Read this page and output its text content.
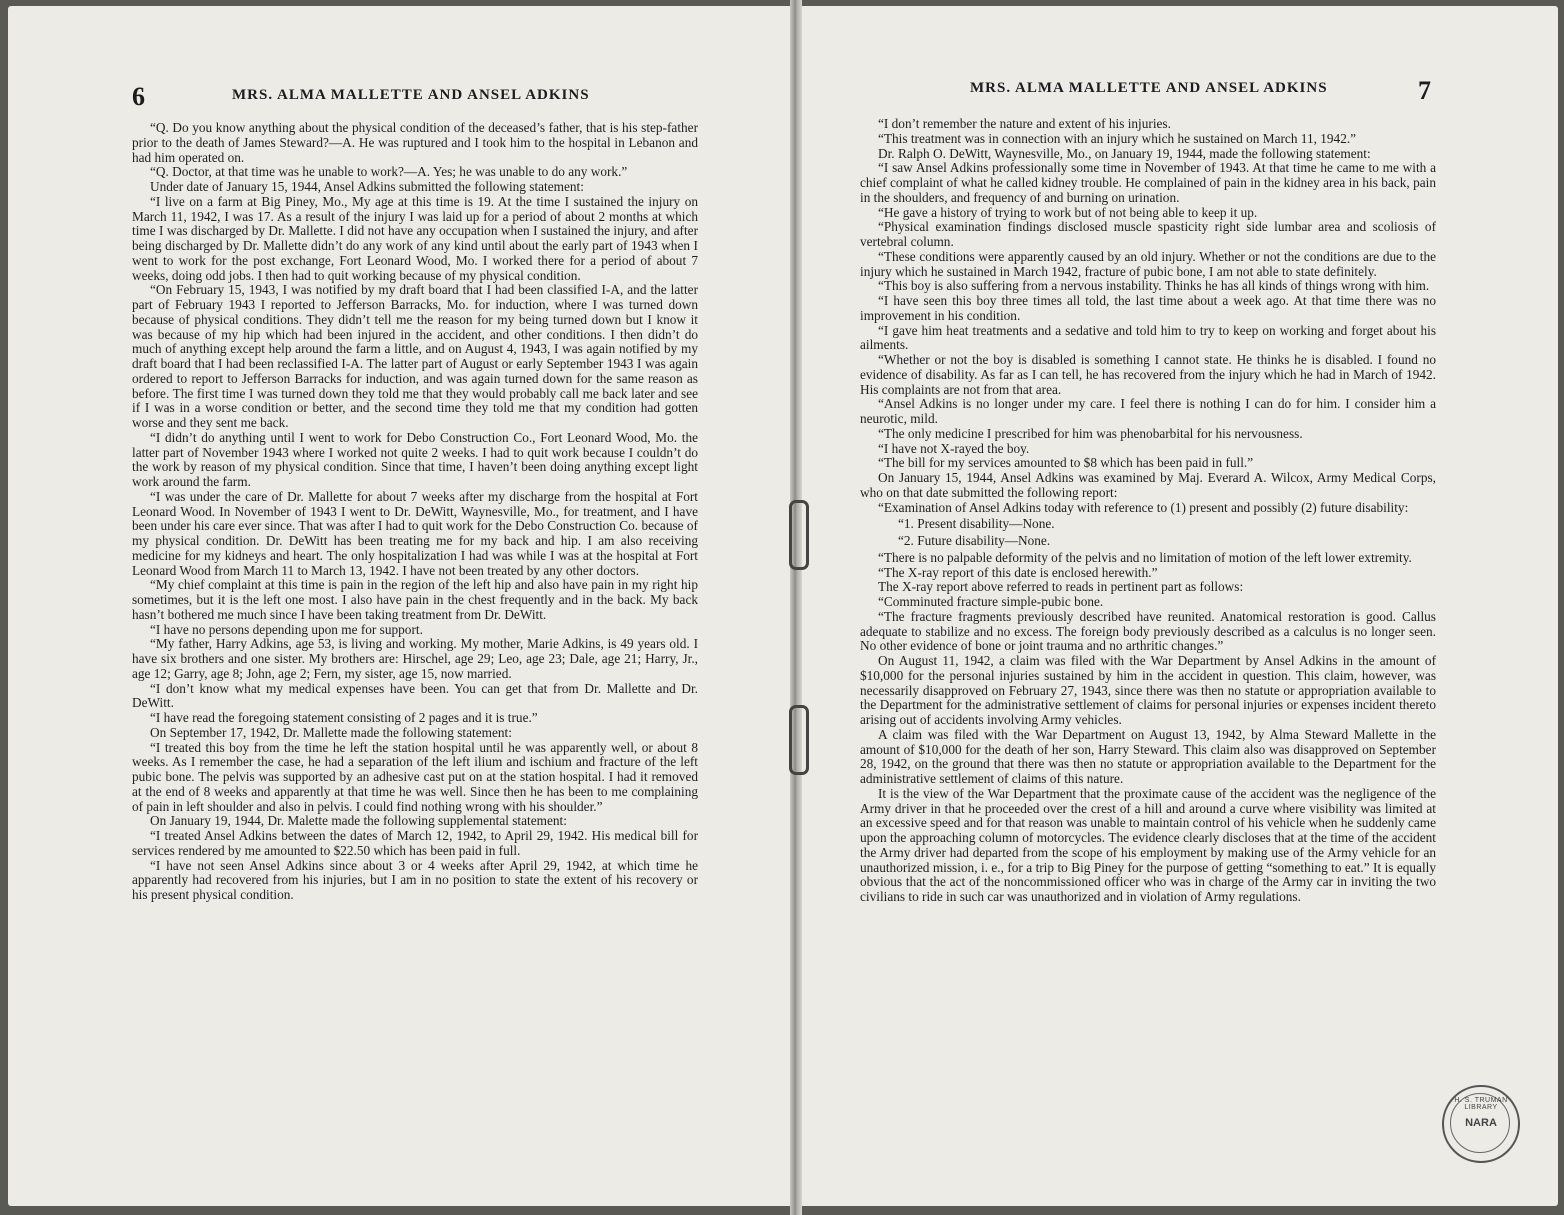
6	MRS. ALMA MALLETTE AND ANSEL ADKINS

“Q. Do you know anything about the physical condition of the deceased’s father, that is his step-father prior to the death of James Steward?—A. He was ruptured and I took him to the hospital in Lebanon and had him operated on.

“Q. Doctor, at that time was he unable to work?—A. Yes; he was unable to do any work.”

Under date of January 15, 1944, Ansel Adkins submitted the following statement:

“I live on a farm at Big Piney, Mo., My age at this time is 19. At the time I sustained the injury on March 11, 1942, I was 17. As a result of the injury I was laid up for a period of about 2 months at which time I was discharged by Dr. Mallette. I did not have any occupation when I sustained the injury, and after being discharged by Dr. Mallette didn’t do any work of any kind until about the early part of 1943 when I went to work for the post exchange, Fort Leonard Wood, Mo. I worked there for a period of about 7 weeks, doing odd jobs. I then had to quit working because of my physical condition.

“On February 15, 1943, I was notified by my draft board that I had been classified I-A, and the latter part of February 1943 I reported to Jefferson Barracks, Mo. for induction, where I was turned down because of physical conditions. They didn’t tell me the reason for my being turned down but I know it was because of my hip which had been injured in the accident, and other conditions. I then didn’t do much of anything except help around the farm a little, and on August 4, 1943, I was again notified by my draft board that I had been reclassified I-A. The latter part of August or early September 1943 I was again ordered to report to Jefferson Barracks for induction, and was again turned down for the same reason as before. The first time I was turned down they told me that they would probably call me back later and see if I was in a worse condition or better, and the second time they told me that my condition had gotten worse and they sent me back.

“I didn’t do anything until I went to work for Debo Construction Co., Fort Leonard Wood, Mo. the latter part of November 1943 where I worked not quite 2 weeks. I had to quit work because I couldn’t do the work by reason of my physical condition. Since that time, I haven’t been doing anything except light work around the farm.

“I was under the care of Dr. Mallette for about 7 weeks after my discharge from the hospital at Fort Leonard Wood. In November of 1943 I went to Dr. DeWitt, Waynesville, Mo., for treatment, and I have been under his care ever since. That was after I had to quit work for the Debo Construction Co. because of my physical condition. Dr. DeWitt has been treating me for my back and hip. I am also receiving medicine for my kidneys and heart. The only hospitalization I had was while I was at the hospital at Fort Leonard Wood from March 11 to March 13, 1942. I have not been treated by any other doctors.

“My chief complaint at this time is pain in the region of the left hip and also have pain in my right hip sometimes, but it is the left one most. I also have pain in the chest frequently and in the back. My back hasn’t bothered me much since I have been taking treatment from Dr. DeWitt.

“I have no persons depending upon me for support.

“My father, Harry Adkins, age 53, is living and working. My mother, Marie Adkins, is 49 years old. I have six brothers and one sister. My brothers are: Hirschel, age 29; Leo, age 23; Dale, age 21; Harry, Jr., age 12; Garry, age 8; John, age 2; Fern, my sister, age 15, now married.

“I don’t know what my medical expenses have been. You can get that from Dr. Mallette and Dr. DeWitt.

“I have read the foregoing statement consisting of 2 pages and it is true.”

On September 17, 1942, Dr. Mallette made the following statement:

“I treated this boy from the time he left the station hospital until he was apparently well, or about 8 weeks. As I remember the case, he had a separation of the left ilium and ischium and fracture of the left pubic bone. The pelvis was supported by an adhesive cast put on at the station hospital. I had it removed at the end of 8 weeks and apparently at that time he was well. Since then he has been to me complaining of pain in left shoulder and also in pelvis. I could find nothing wrong with his shoulder.”

On January 19, 1944, Dr. Malette made the following supplemental statement:

“I treated Ansel Adkins between the dates of March 12, 1942, to April 29, 1942. His medical bill for services rendered by me amounted to $22.50 which has been paid in full.

“I have not seen Ansel Adkins since about 3 or 4 weeks after April 29, 1942, at which time he apparently had recovered from his injuries, but I am in no position to state the extent of his recovery or his present physical condition.

MRS. ALMA MALLETTE AND ANSEL ADKINS	7

“I don’t remember the nature and extent of his injuries.

“This treatment was in connection with an injury which he sustained on March 11, 1942.”

Dr. Ralph O. DeWitt, Waynesville, Mo., on January 19, 1944, made the following statement:

“I saw Ansel Adkins professionally some time in November of 1943. At that time he came to me with a chief complaint of what he called kidney trouble. He complained of pain in the kidney area in his back, pain in the shoulders, and frequency of and burning on urination.

“He gave a history of trying to work but of not being able to keep it up.

“Physical examination findings disclosed muscle spasticity right side lumbar area and scoliosis of vertebral column.

“These conditions were apparently caused by an old injury. Whether or not the conditions are due to the injury which he sustained in March 1942, fracture of pubic bone, I am not able to state definitely.

“This boy is also suffering from a nervous instability. Thinks he has all kinds of things wrong with him.

“I have seen this boy three times all told, the last time about a week ago. At that time there was no improvement in his condition.

“I gave him heat treatments and a sedative and told him to try to keep on working and forget about his ailments.

“Whether or not the boy is disabled is something I cannot state. He thinks he is disabled. I found no evidence of disability. As far as I can tell, he has recovered from the injury which he had in March of 1942. His complaints are not from that area.

“Ansel Adkins is no longer under my care. I feel there is nothing I can do for him. I consider him a neurotic, mild.

“The only medicine I prescribed for him was phenobarbital for his nervousness.

“I have not X-rayed the boy.

“The bill for my services amounted to $8 which has been paid in full.”

On January 15, 1944, Ansel Adkins was examined by Maj. Everard A. Wilcox, Army Medical Corps, who on that date submitted the following report:

“Examination of Ansel Adkins today with reference to (1) present and possibly (2) future disability:

“1. Present disability—None.

“2. Future disability—None.

“There is no palpable deformity of the pelvis and no limitation of motion of the left lower extremity.

“The X-ray report of this date is enclosed herewith.”

The X-ray report above referred to reads in pertinent part as follows:

“Comminuted fracture simple-pubic bone.

“The fracture fragments previously described have reunited. Anatomical restoration is good. Callus adequate to stabilize and no excess. The foreign body previously described as a calculus is no longer seen. No other evidence of bone or joint trauma and no arthritic changes.”

On August 11, 1942, a claim was filed with the War Department by Ansel Adkins in the amount of $10,000 for the personal injuries sustained by him in the accident in question. This claim, however, was necessarily disapproved on February 27, 1943, since there was then no statute or appropriation available to the Department for the administrative settlement of claims for personal injuries or expenses incident thereto arising out of accidents involving Army vehicles.

A claim was filed with the War Department on August 13, 1942, by Alma Steward Mallette in the amount of $10,000 for the death of her son, Harry Steward. This claim also was disapproved on September 28, 1942, on the ground that there was then no statute or appropriation available to the Department for the administrative settlement of claims of this nature.

It is the view of the War Department that the proximate cause of the accident was the negligence of the Army driver in that he proceeded over the crest of a hill and around a curve where visibility was limited at an excessive speed and for that reason was unable to maintain control of his vehicle when he suddenly came upon the approaching column of motorcycles. The evidence clearly discloses that at the time of the accident the Army driver had departed from the scope of his employment by making use of the Army vehicle for an unauthorized mission, i. e., for a trip to Big Piney for the purpose of getting “something to eat.” It is equally obvious that the act of the noncommissioned officer who was in charge of the Army car in inviting the two civilians to ride in such car was unauthorized and in violation of Army regulations.

H. S. TRUMAN LIBRARY
NARA
